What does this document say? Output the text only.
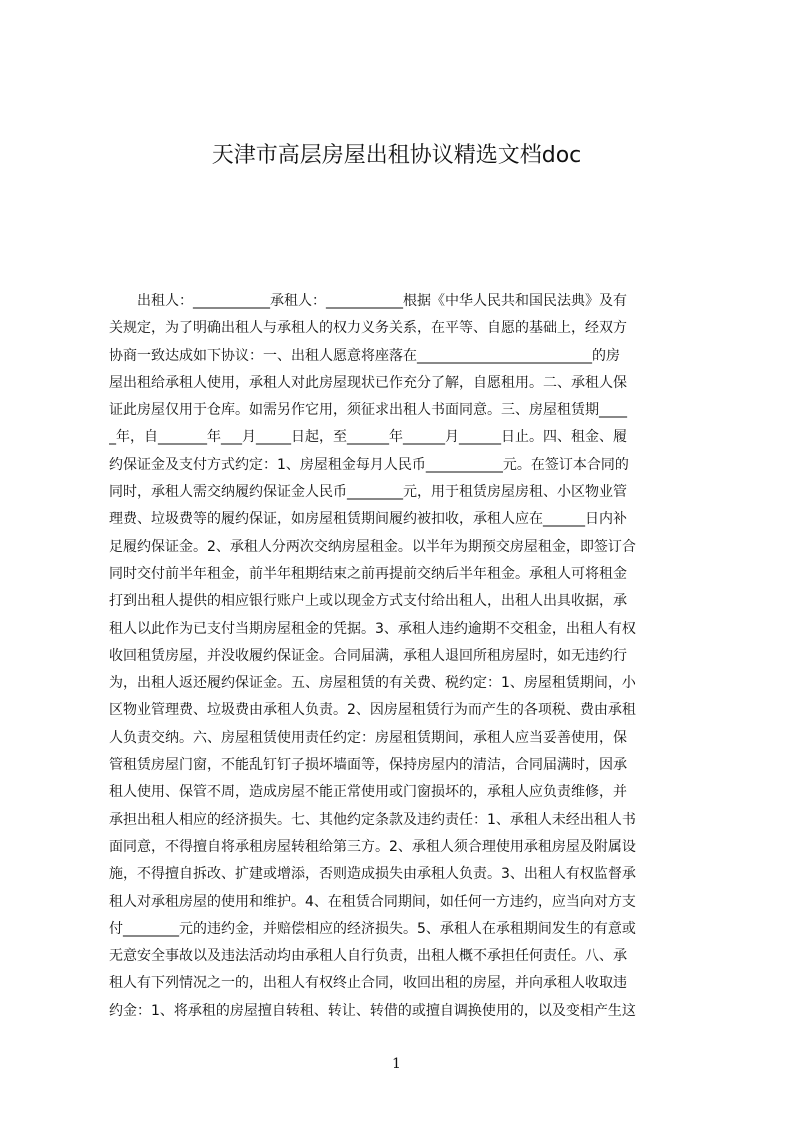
天津市高层房屋出租协议精选文档doc
　　出租人：___________承租人：___________根据《中华人民共和国民法典》及有
关规定，为了明确出租人与承租人的权力义务关系，在平等、自愿的基础上，经双方
协商一致达成如下协议：一、出租人愿意将座落在_________________________的房
屋出租给承租人使用，承租人对此房屋现状已作充分了解，自愿租用。二、承租人保
证此房屋仅用于仓库。如需另作它用，须征求出租人书面同意。三、房屋租赁期____
_年，自_______年___月_____日起，至______年______月______日止。四、租金、履
约保证金及支付方式约定：1、房屋租金每月人民币___________元。在签订本合同的
同时，承租人需交纳履约保证金人民币________元，用于租赁房屋房租、小区物业管
理费、垃圾费等的履约保证，如房屋租赁期间履约被扣收，承租人应在______日内补
足履约保证金。2、承租人分两次交纳房屋租金。以半年为期预交房屋租金，即签订合
同时交付前半年租金，前半年租期结束之前再提前交纳后半年租金。承租人可将租金
打到出租人提供的相应银行账户上或以现金方式支付给出租人，出租人出具收据，承
租人以此作为已支付当期房屋租金的凭据。3、承租人违约逾期不交租金，出租人有权
收回租赁房屋，并没收履约保证金。合同届满，承租人退回所租房屋时，如无违约行
为，出租人返还履约保证金。五、房屋租赁的有关费、税约定：1、房屋租赁期间，小
区物业管理费、垃圾费由承租人负责。2、因房屋租赁行为而产生的各项税、费由承租
人负责交纳。六、房屋租赁使用责任约定：房屋租赁期间，承租人应当妥善使用，保
管租赁房屋门窗，不能乱钉钉子损坏墙面等，保持房屋内的清洁，合同届满时，因承
租人使用、保管不周，造成房屋不能正常使用或门窗损坏的，承租人应负责维修，并
承担出租人相应的经济损失。七、其他约定条款及违约责任：1、承租人未经出租人书
面同意，不得擅自将承租房屋转租给第三方。2、承租人须合理使用承租房屋及附属设
施，不得擅自拆改、扩建或增添，否则造成损失由承租人负责。3、出租人有权监督承
租人对承租房屋的使用和维护。4、在租赁合同期间，如任何一方违约，应当向对方支
付________元的违约金，并赔偿相应的经济损失。5、承租人在承租期间发生的有意或
无意安全事故以及违法活动均由承租人自行负责，出租人概不承担任何责任。八、承
租人有下列情况之一的，出租人有权终止合同，收回出租的房屋，并向承租人收取违
约金：1、将承租的房屋擅自转租、转让、转借的或擅自调换使用的，以及变相产生这
1
